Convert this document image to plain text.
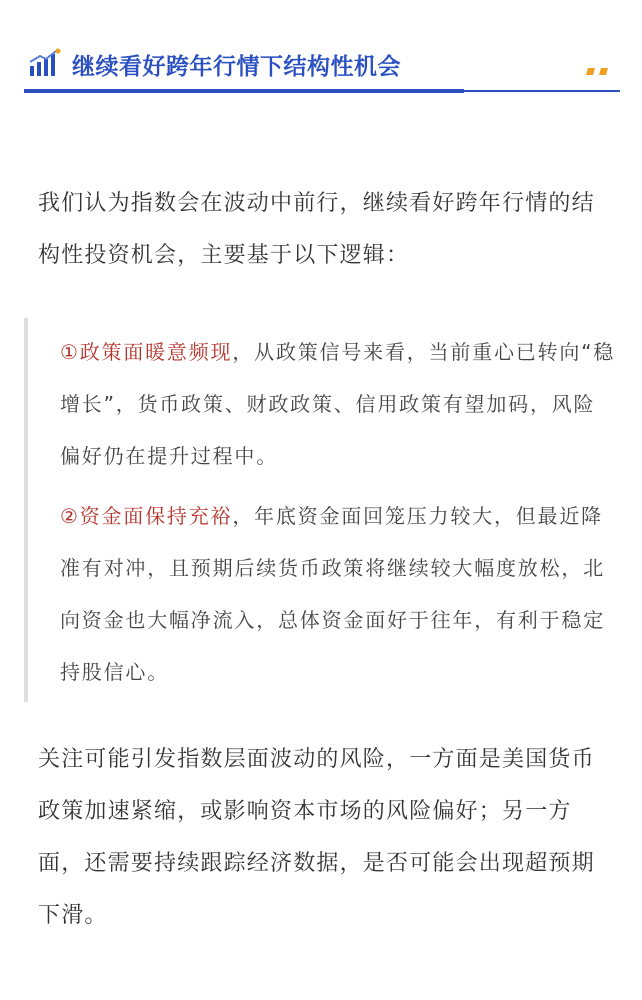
继续看好跨年行情下结构性机会
我们认为指数会在波动中前行，继续看好跨年行情的结构性投资机会，主要基于以下逻辑：
①政策面暖意频现，从政策信号来看，当前重心已转向“稳增长”，货币政策、财政政策、信用政策有望加码，风险偏好仍在提升过程中。
②资金面保持充裕，年底资金面回笼压力较大，但最近降准有对冲，且预期后续货币政策将继续较大幅度放松，北向资金也大幅净流入，总体资金面好于往年，有利于稳定持股信心。
关注可能引发指数层面波动的风险，一方面是美国货币政策加速紧缩，或影响资本市场的风险偏好；另一方面，还需要持续跟踪经济数据，是否可能会出现超预期下滑。
